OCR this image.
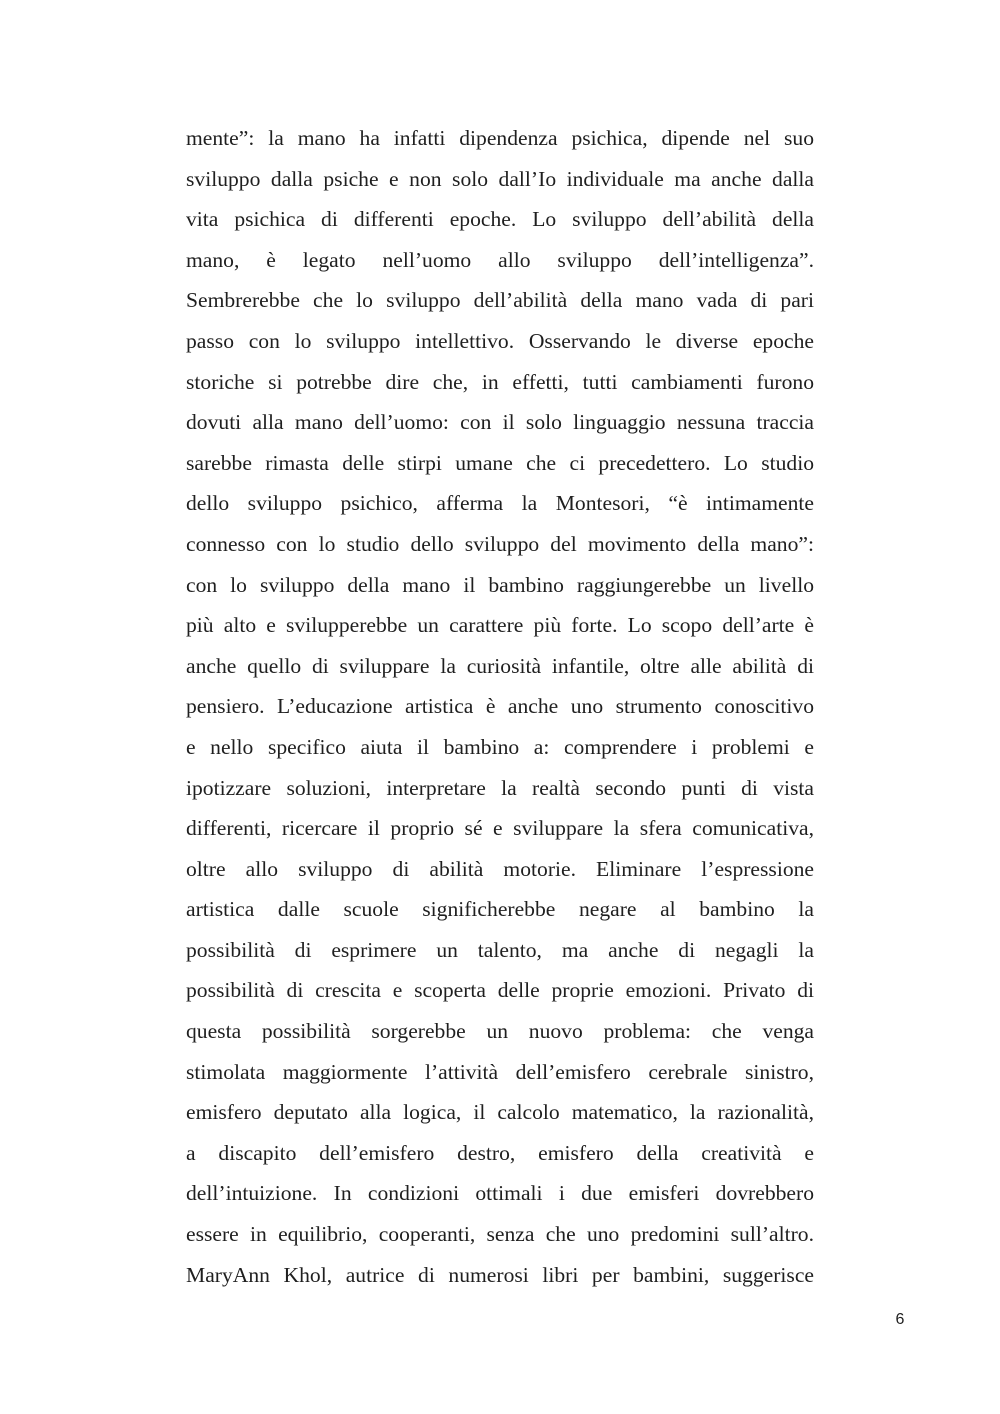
mente”: la mano ha infatti dipendenza psichica, dipende nel suo
sviluppo dalla psiche e non solo dall’Io individuale ma anche dalla
vita psichica di differenti epoche. Lo sviluppo dell’abilità della
mano, è legato nell’uomo allo sviluppo dell’intelligenza”.
Sembrerebbe che lo sviluppo dell’abilità della mano vada di pari
passo con lo sviluppo intellettivo. Osservando le diverse epoche
storiche si potrebbe dire che, in effetti, tutti cambiamenti furono
dovuti alla mano dell’uomo: con il solo linguaggio nessuna traccia
sarebbe rimasta delle stirpi umane che ci precedettero. Lo studio
dello sviluppo psichico, afferma la Montesori, “è intimamente
connesso con lo studio dello sviluppo del movimento della mano”:
con lo sviluppo della mano il bambino raggiungerebbe un livello
più alto e svilupperebbe un carattere più forte. Lo scopo dell’arte è
anche quello di sviluppare la curiosità infantile, oltre alle abilità di
pensiero. L’educazione artistica è anche uno strumento conoscitivo
e nello specifico aiuta il bambino a: comprendere i problemi e
ipotizzare soluzioni, interpretare la realtà secondo punti di vista
differenti, ricercare il proprio sé e sviluppare la sfera comunicativa,
oltre allo sviluppo di abilità motorie. Eliminare l’espressione
artistica dalle scuole significherebbe negare al bambino la
possibilità di esprimere un talento, ma anche di negagli la
possibilità di crescita e scoperta delle proprie emozioni. Privato di
questa possibilità sorgerebbe un nuovo problema: che venga
stimolata maggiormente l’attività dell’emisfero cerebrale sinistro,
emisfero deputato alla logica, il calcolo matematico, la razionalità,
a discapito dell’emisfero destro, emisfero della creatività e
dell’intuizione. In condizioni ottimali i due emisferi dovrebbero
essere in equilibrio, cooperanti, senza che uno predomini sull’altro.
MaryAnn Khol, autrice di numerosi libri per bambini, suggerisce
6
